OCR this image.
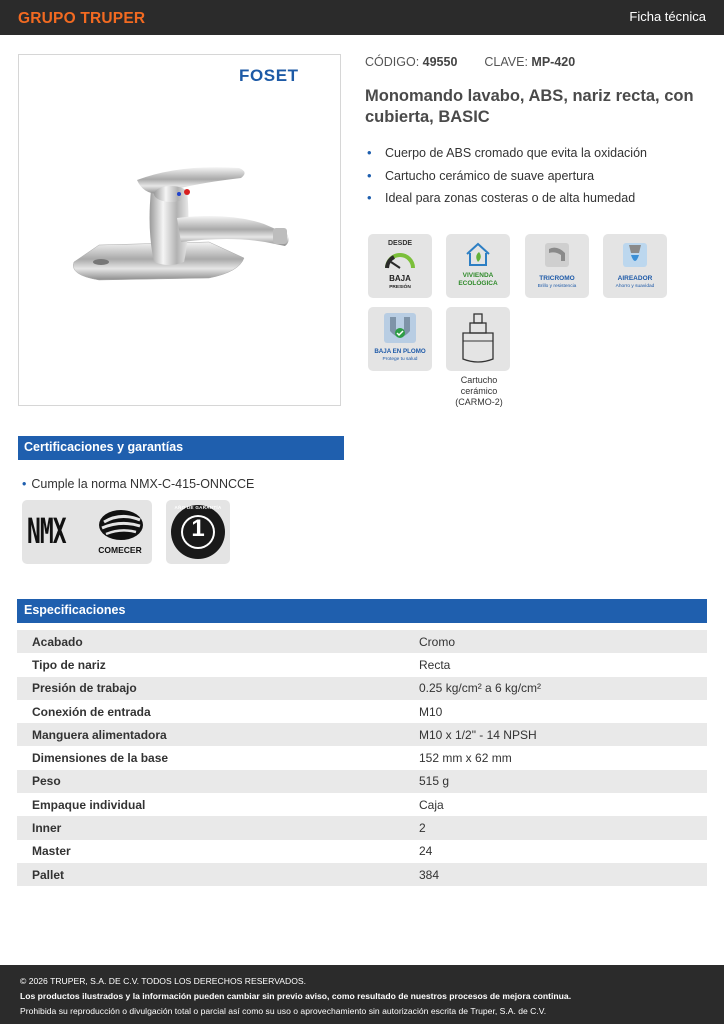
GRUPO TRUPER	Ficha técnica
FOSET
CÓDIGO: 49550 CLAVE: MP-420
Monomando lavabo, ABS, nariz recta, con cubierta, BASIC
• Cuerpo de ABS cromado que evita la oxidación
• Cartucho cerámico de suave apertura
• Ideal para zonas costeras o de alta humedad
DESDE
BAJA
PRESIÓN
VIVIENDA
ECOLÓGICA
TRICROMO
Brillo y resistencia
AIREADOR
Ahorro y suavidad
BAJA EN PLOMO
Protege tu salud
Cartucho
cerámico
(CARMO-2)
Certificaciones y garantías
• Cumple la norma NMX-C-415-ONNCCE
NMX	COMECER
1
AÑO DE GARANTÍA
Especificaciones
Acabado	Cromo
Tipo de nariz	Recta
Presión de trabajo	0.25 kg/cm² a 6 kg/cm²
Conexión de entrada	M10
Manguera alimentadora	M10 x 1/2" - 14 NPSH
Dimensiones de la base	152 mm x 62 mm
Peso	515 g
Empaque individual	Caja
Inner	2
Master	24
Pallet	384

© 2026 TRUPER, S.A. DE C.V. TODOS LOS DERECHOS RESERVADOS.

Los productos ilustrados y la información pueden cambiar sin previo aviso, como resultado de nuestros procesos de mejora continua.

Prohibida su reproducción o divulgación total o parcial así como su uso o aprovechamiento sin autorización escrita de Truper, S.A. de C.V.
